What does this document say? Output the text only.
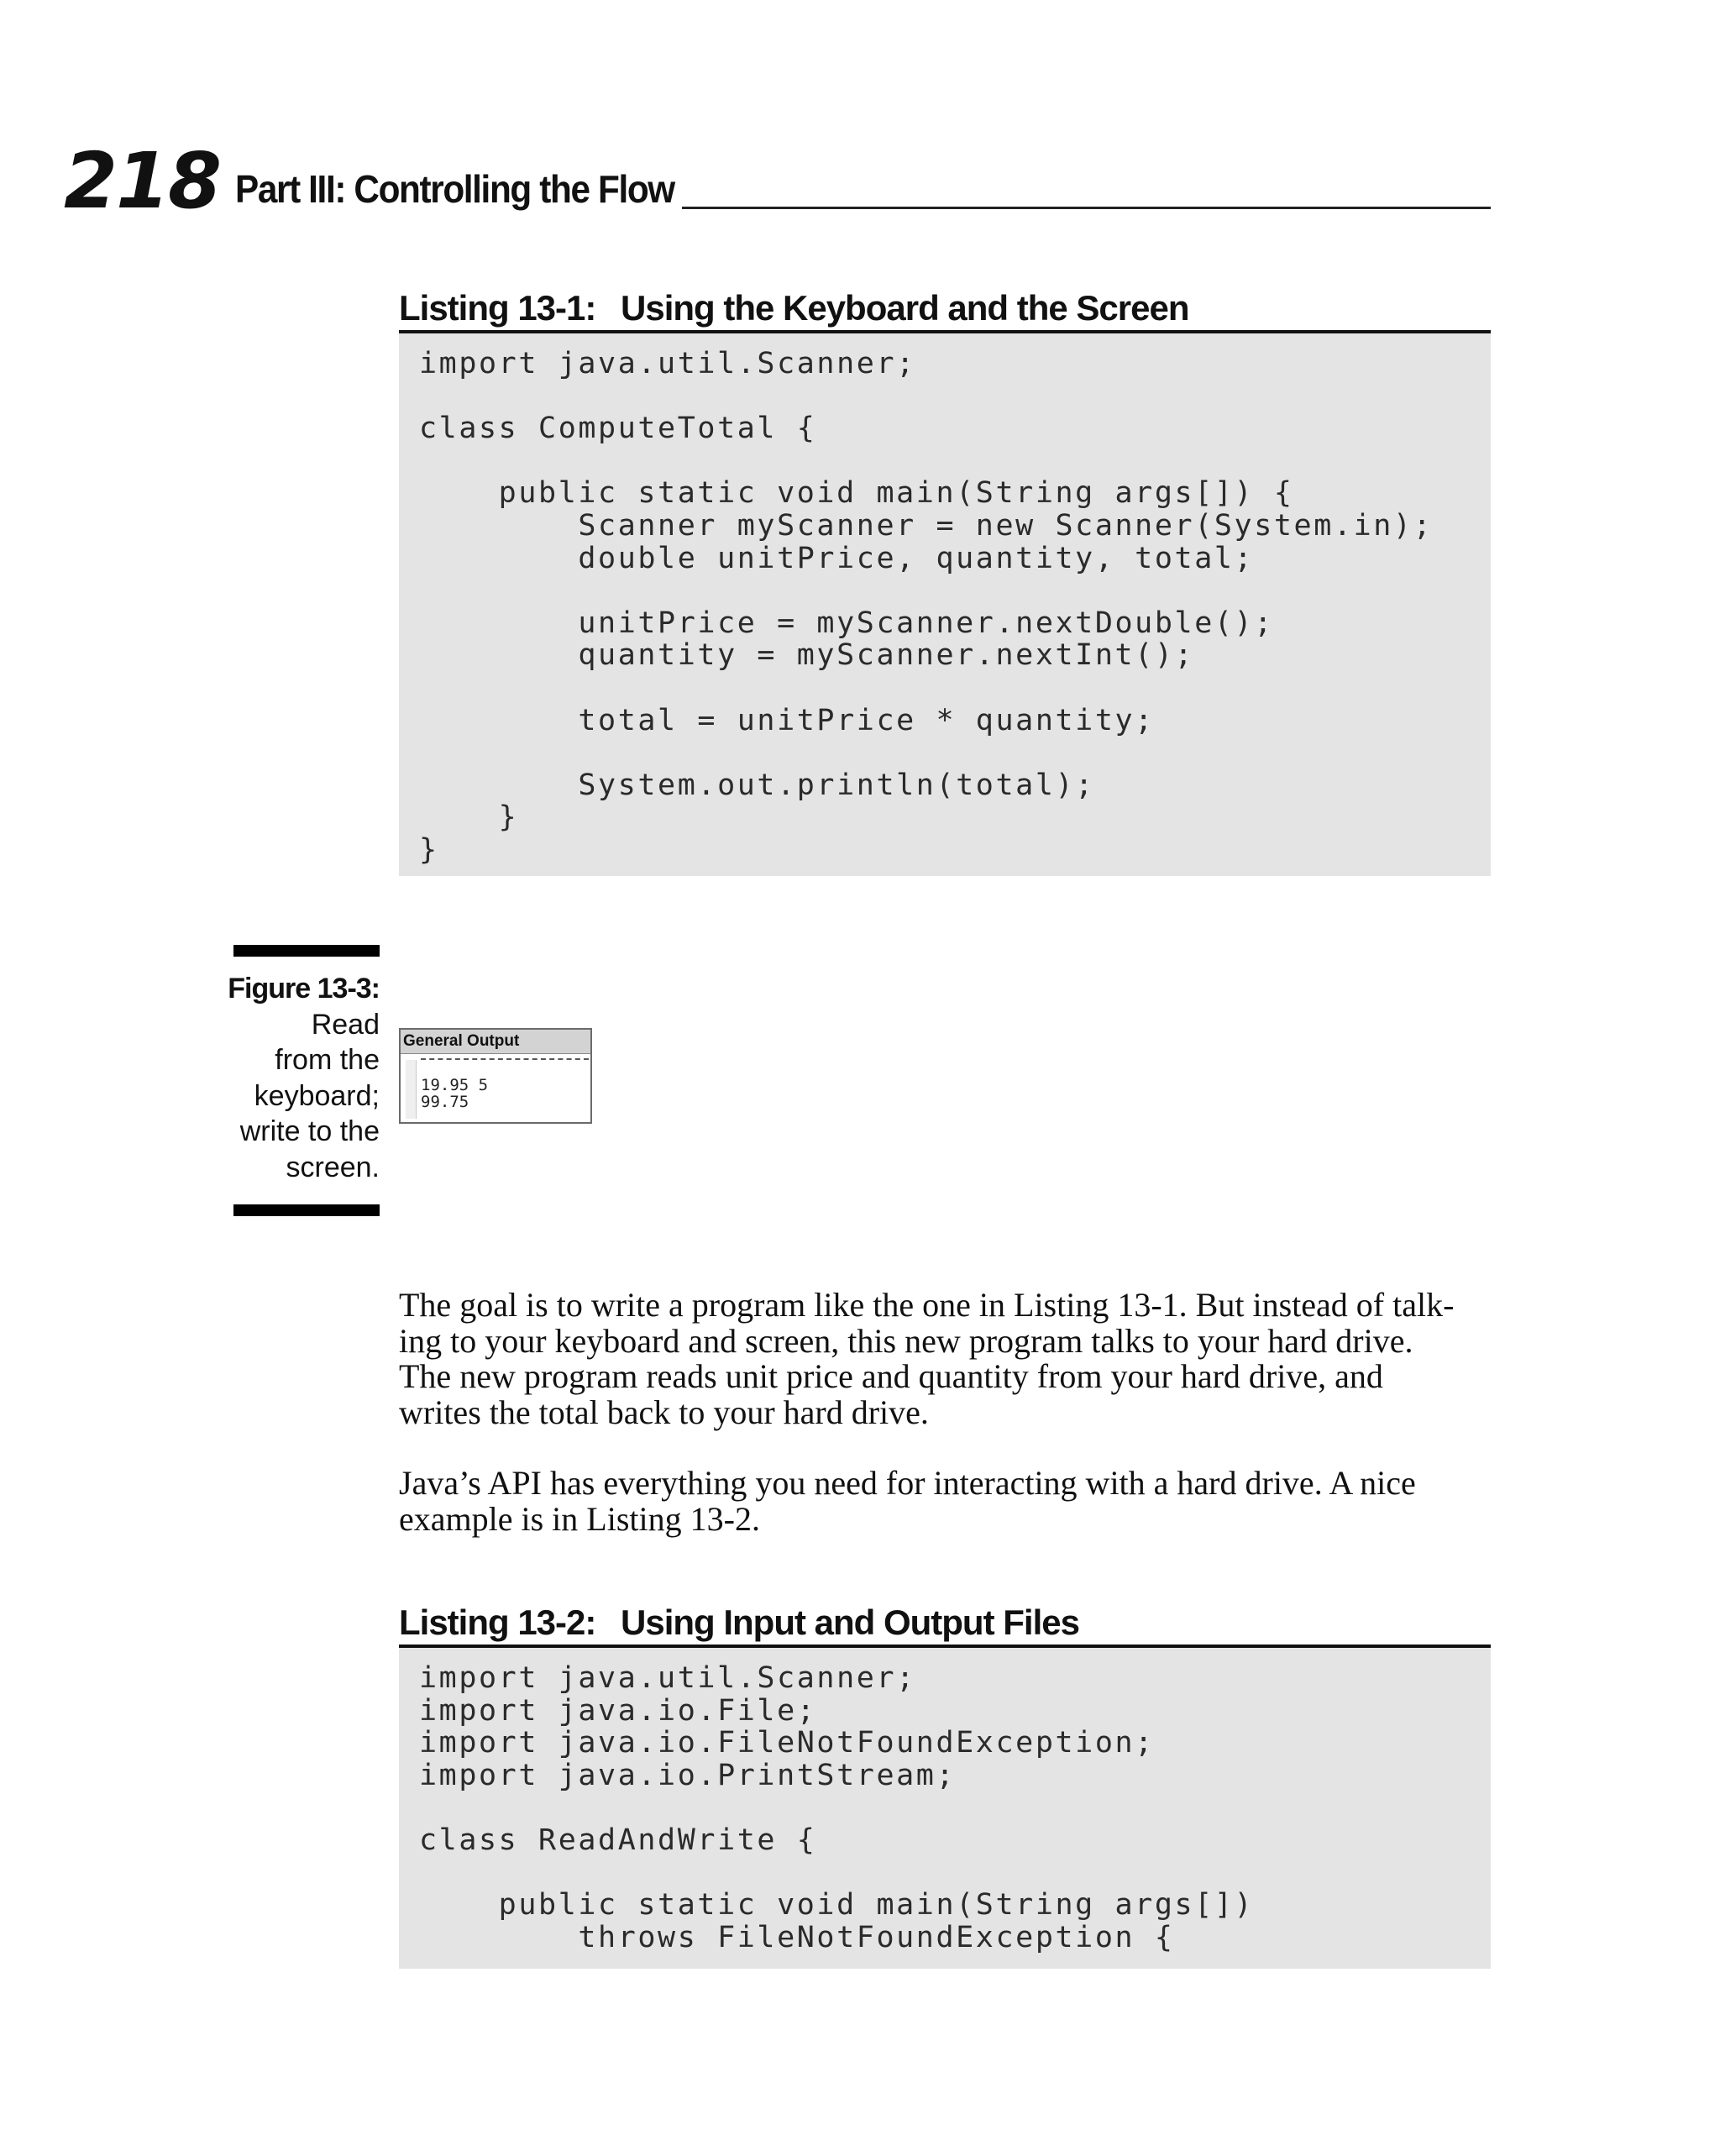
218 Part III: Controlling the Flow
Listing 13-1: Using the Keyboard and the Screen
import java.util.Scanner;
class ComputeTotal {
public static void main(String args[]) {
Scanner myScanner = new Scanner(System.in);
double unitPrice, quantity, total;
unitPrice = myScanner.nextDouble();
quantity = myScanner.nextInt();
total = unitPrice * quantity;
System.out.println(total);
}
}
Figure 13-3:
Read
from the
keyboard;
write to the
screen.
General Output
19.95 5
99.75
The goal is to write a program like the one in Listing 13-1. But instead of talk-
ing to your keyboard and screen, this new program talks to your hard drive.
The new program reads unit price and quantity from your hard drive, and
writes the total back to your hard drive.
Java’s API has everything you need for interacting with a hard drive. A nice
example is in Listing 13-2.
Listing 13-2: Using Input and Output Files
import java.util.Scanner;
import java.io.File;
import java.io.FileNotFoundException;
import java.io.PrintStream;
class ReadAndWrite {
public static void main(String args[])
throws FileNotFoundException {
